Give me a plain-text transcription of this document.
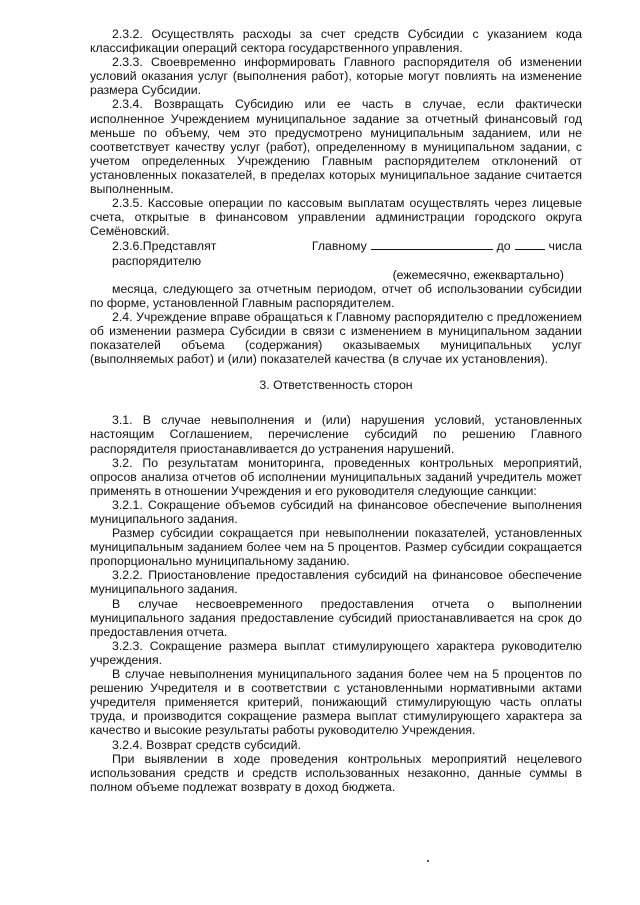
2.3.2. Осуществлять расходы за счет средств Субсидии с указанием кода классификации операций сектора государственного управления.

2.3.3. Своевременно информировать Главного распорядителя об изменении условий оказания услуг (выполнения работ), которые могут повлиять на изменение размера Субсидии.

2.3.4. Возвращать Субсидию или ее часть в случае, если фактически исполненное Учреждением муниципальное задание за отчетный финансовый год меньше по объему, чем это предусмотрено муниципальным заданием, или не соответствует качеству услуг (работ), определенному в муниципальном задании, с учетом определенных Учреждению Главным распорядителем отклонений от установленных показателей, в пределах которых муниципальное задание считается выполненным.

2.3.5. Кассовые операции по кассовым выплатам осуществлять через лицевые счета, открытые в финансовом управлении администрации городского округа Семёновский.

2.3.6.Представлят Главному распорядителю
до	числа

(ежемесячно, ежеквартально)

месяца, следующего за отчетным периодом, отчет об использовании субсидии по форме, установленной Главным распорядителем.

2.4. Учреждение вправе обращаться к Главному распорядителю с предложением об изменении размера Субсидии в связи с изменением в муниципальном задании показателей объема (содержания) оказываемых муниципальных услуг (выполняемых работ) и (или) показателей качества (в случае их установления).

3. Ответственность сторон

3.1. В случае невыполнения и (или) нарушения условий, установленных настоящим Соглашением, перечисление субсидий по решению Главного распорядителя приостанавливается до устранения нарушений.

3.2. По результатам мониторинга, проведенных контрольных мероприятий, опросов анализа отчетов об исполнении муниципальных заданий учредитель может применять в отношении Учреждения и его руководителя следующие санкции:

3.2.1. Сокращение объемов субсидий на финансовое обеспечение выполнения муниципального задания.

Размер субсидии сокращается при невыполнении показателей, установленных муниципальным заданием более чем на 5 процентов. Размер субсидии сокращается пропорционально муниципальному заданию.

3.2.2. Приостановление предоставления субсидий на финансовое обеспечение муниципального задания.

В случае несвоевременного предоставления отчета о выполнении муниципального задания предоставление субсидий приостанавливается на срок до предоставления отчета.

3.2.3. Сокращение размера выплат стимулирующего характера руководителю учреждения.

В случае невыполнения муниципального задания более чем на 5 процентов по решению Учредителя и в соответствии с установленными нормативными актами учредителя применяется критерий, понижающий стимулирующую часть оплаты труда, и производится сокращение размера выплат стимулирующего характера за качество и высокие результаты работы руководителю Учреждения.

3.2.4. Возврат средств субсидий.

При выявлении в ходе проведения контрольных мероприятий нецелевого использования средств и средств использованных незаконно, данные суммы в полном объеме подлежат возврату в доход бюджета.
